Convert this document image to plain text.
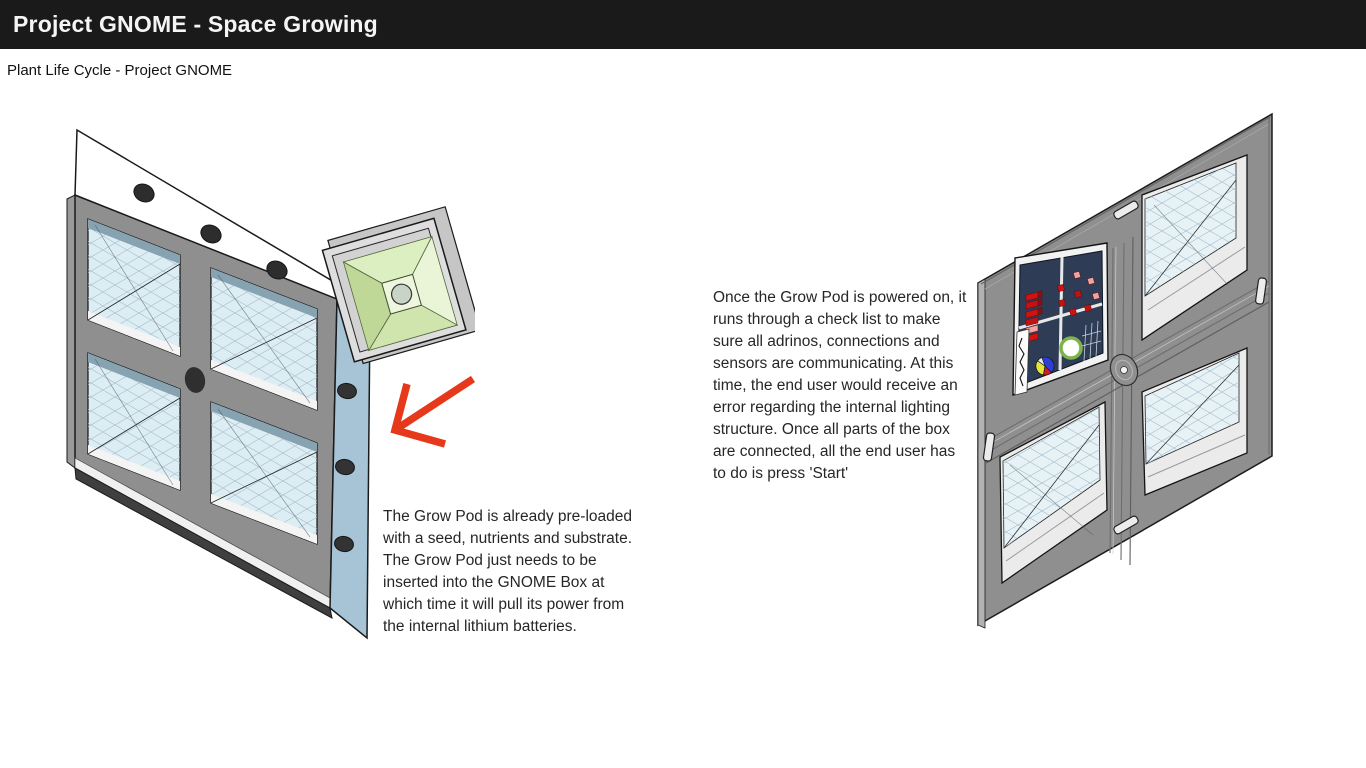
Project GNOME - Space Growing
Plant Life Cycle - Project GNOME
The Grow Pod is already pre-loaded
with a seed, nutrients and substrate.
The Grow Pod just needs to be
inserted into the GNOME Box at
which time it will pull its power from
the internal lithium batteries.
Once the Grow Pod is powered on, it
runs through a check list to make
sure all adrinos, connections and
sensors are communicating. At this
time, the end user would receive an
error regarding the internal lighting
structure. Once all parts of the box
are connected, all the end user has
to do is press 'Start'
